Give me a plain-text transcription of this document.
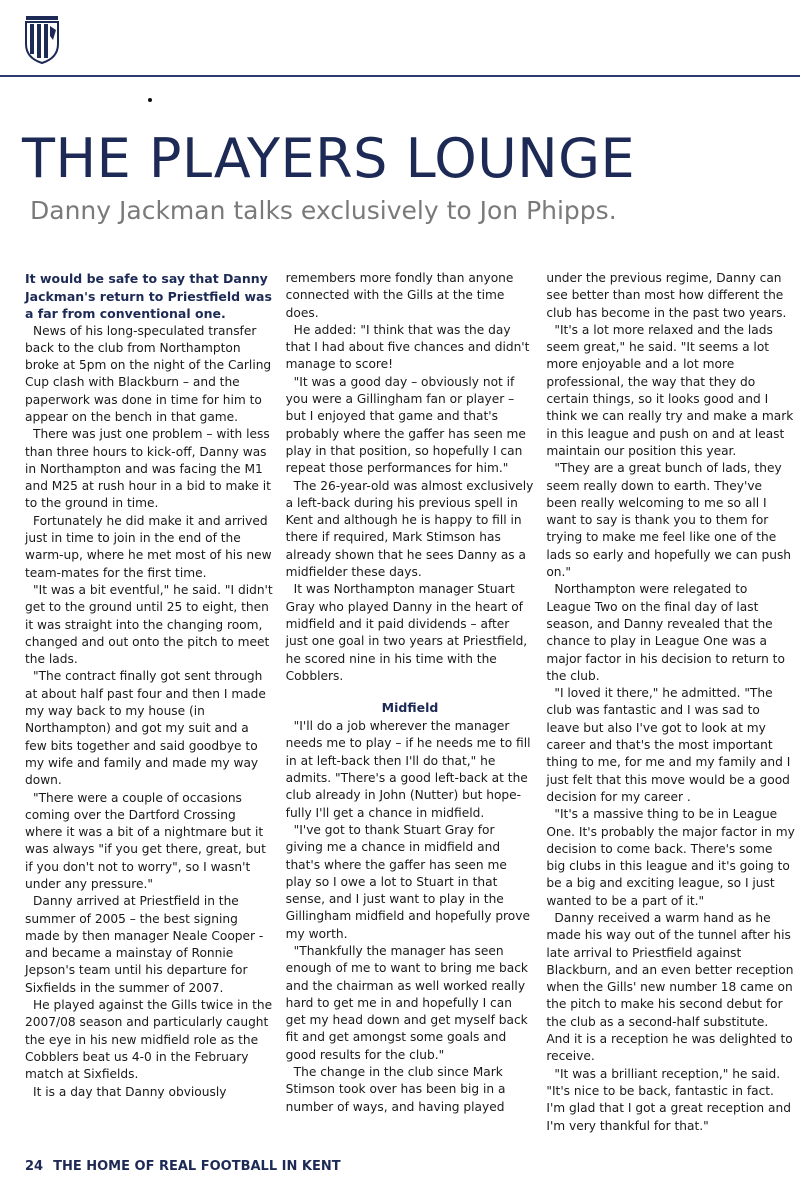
THE PLAYERS LOUNGE
Danny Jackman talks exclusively to Jon Phipps.

It would be safe to say that Danny Jackman's return to Priestfield was a far from conventional one.

News of his long-speculated transfer back to the club from Northampton broke at 5pm on the night of the Carling Cup clash with Blackburn – and the paperwork was done in time for him to appear on the bench in that game.

There was just one problem – with less than three hours to kick-off, Danny was in Northampton and was facing the M1 and M25 at rush hour in a bid to make it to the ground in time.

Fortunately he did make it and arrived just in time to join in the end of the warm-up, where he met most of his new team-mates for the first time.

"It was a bit eventful," he said. "I didn't get to the ground until 25 to eight, then it was straight into the changing room, changed and out onto the pitch to meet the lads.

"The contract finally got sent through at about half past four and then I made my way back to my house (in Northampton) and got my suit and a few bits together and said goodbye to my wife and family and made my way down.

"There were a couple of occasions coming over the Dartford Crossing where it was a bit of a nightmare but it was always "if you get there, great, but if you don't not to worry", so I wasn't under any pressure."

Danny arrived at Priestfield in the summer of 2005 – the best signing made by then manager Neale Cooper - and became a mainstay of Ronnie Jepson's team until his departure for Sixfields in the summer of 2007.

He played against the Gills twice in the 2007/08 season and particularly caught the eye in his new midfield role as the Cobblers beat us 4-0 in the February match at Sixfields.

It is a day that Danny obviously

remembers more fondly than anyone connected with the Gills at the time does.

He added: "I think that was the day that I had about five chances and didn't manage to score!

"It was a good day – obviously not if you were a Gillingham fan or player – but I enjoyed that game and that's probably where the gaffer has seen me play in that position, so hopefully I can repeat those performances for him."

The 26-year-old was almost exclusively a left-back during his previous spell in Kent and although he is happy to fill in there if required, Mark Stimson has already shown that he sees Danny as a midfielder these days.

It was Northampton manager Stuart Gray who played Danny in the heart of midfield and it paid dividends – after just one goal in two years at Priestfield, he scored nine in his time with the Cobblers.

Midfield

"I'll do a job wherever the manager needs me to play – if he needs me to fill in at left-back then I'll do that," he admits. "There's a good left-back at the club already in John (Nutter) but hope-fully I'll get a chance in midfield.

"I've got to thank Stuart Gray for giving me a chance in midfield and that's where the gaffer has seen me play so I owe a lot to Stuart in that sense, and I just want to play in the Gillingham midfield and hopefully prove my worth.

"Thankfully the manager has seen enough of me to want to bring me back and the chairman as well worked really hard to get me in and hopefully I can get my head down and get myself back fit and get amongst some goals and good results for the club."

The change in the club since Mark Stimson took over has been big in a number of ways, and having played

under the previous regime, Danny can see better than most how different the club has become in the past two years.

"It's a lot more relaxed and the lads seem great," he said. "It seems a lot more enjoyable and a lot more professional, the way that they do certain things, so it looks good and I think we can really try and make a mark in this league and push on and at least maintain our position this year.

"They are a great bunch of lads, they seem really down to earth. They've been really welcoming to me so all I want to say is thank you to them for trying to make me feel like one of the lads so early and hopefully we can push on."

Northampton were relegated to League Two on the final day of last season, and Danny revealed that the chance to play in League One was a major factor in his decision to return to the club.

"I loved it there," he admitted. "The club was fantastic and I was sad to leave but also I've got to look at my career and that's the most important thing to me, for me and my family and I just felt that this move would be a good decision for my career .

"It's a massive thing to be in League One. It's probably the major factor in my decision to come back. There's some big clubs in this league and it's going to be a big and exciting league, so I just wanted to be a part of it."

Danny received a warm hand as he made his way out of the tunnel after his late arrival to Priestfield against Blackburn, and an even better reception when the Gills' new number 18 came on the pitch to make his second debut for the club as a second-half substitute. And it is a reception he was delighted to receive.

"It was a brilliant reception," he said. "It's nice to be back, fantastic in fact. I'm glad that I got a great reception and I'm very thankful for that."

24 THE HOME OF REAL FOOTBALL IN KENT
